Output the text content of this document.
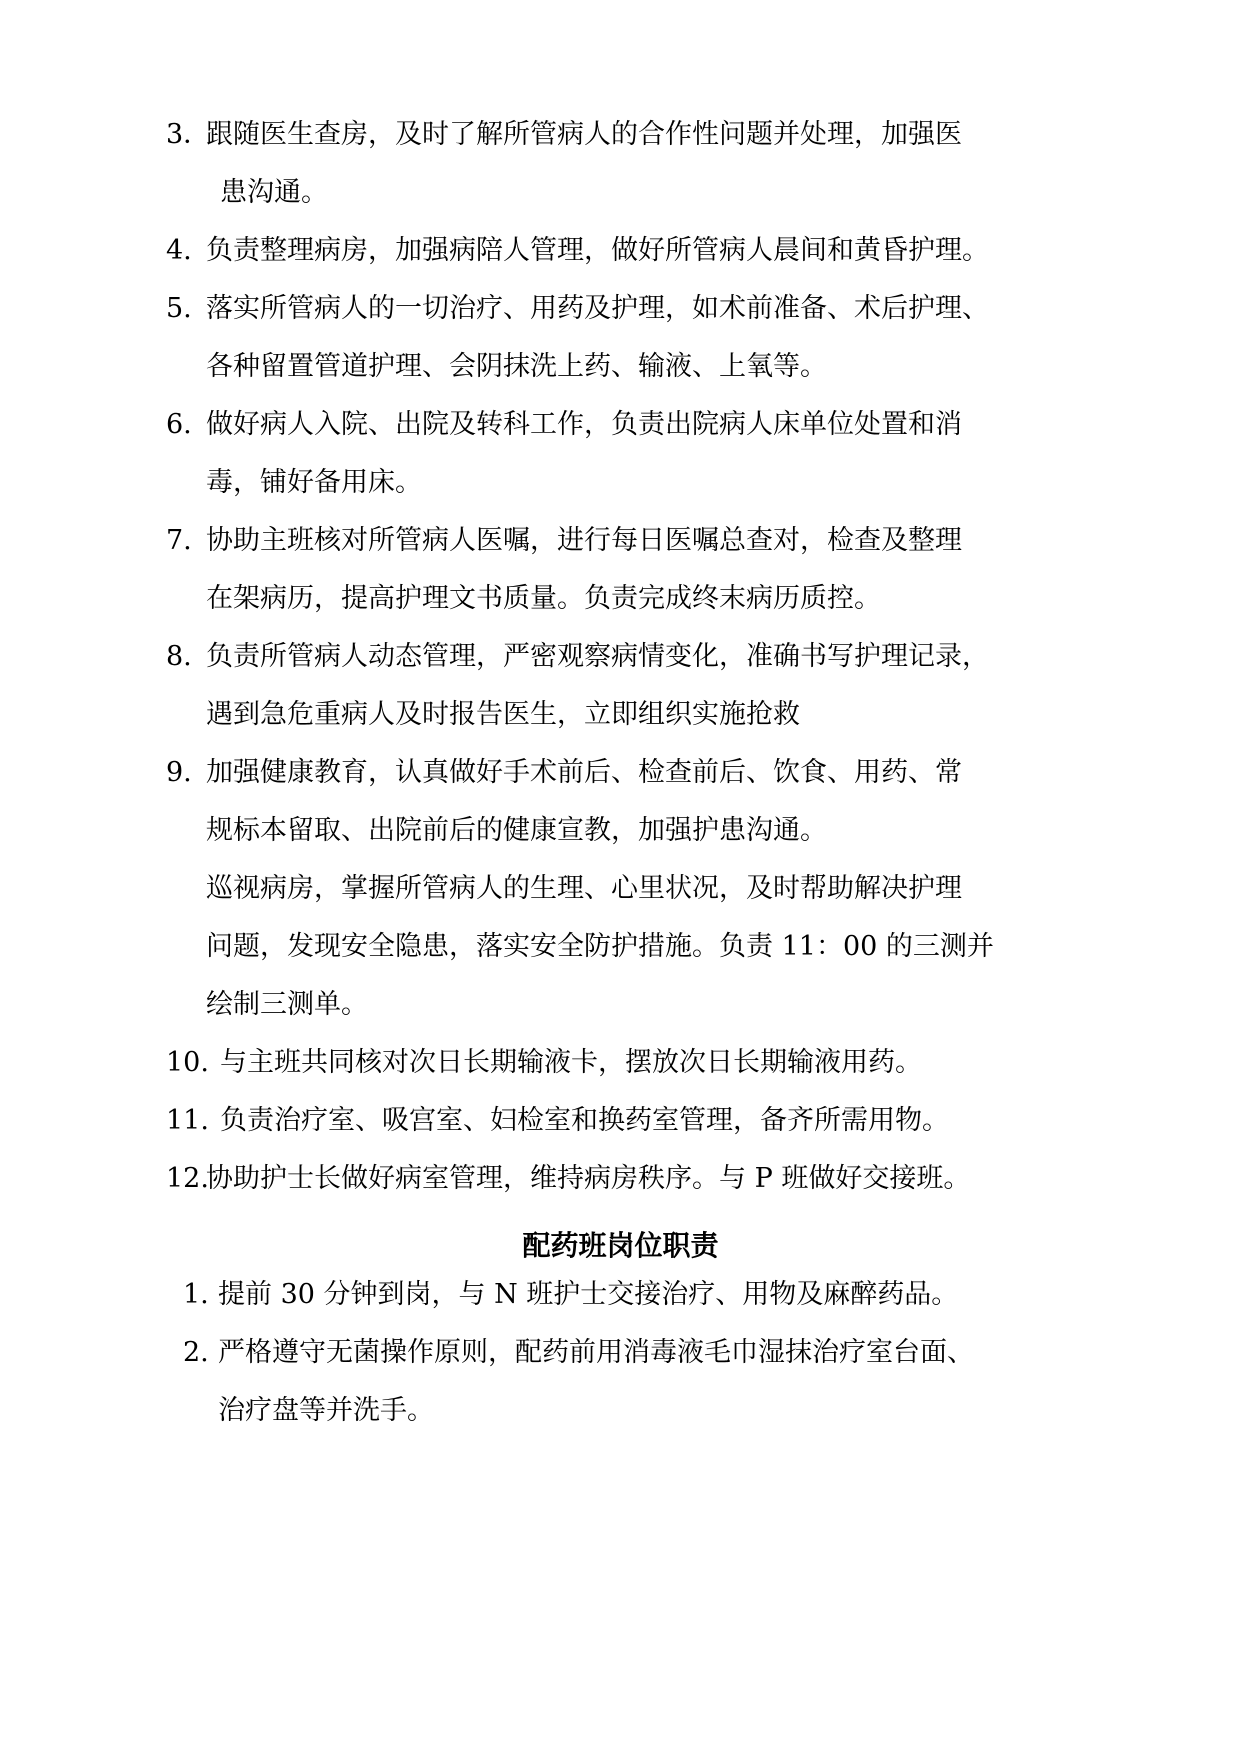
3．
跟随医生查房，及时了解所管病人的合作性问题并处理，加强医
患沟通。
4. 负责整理病房，加强病陪人管理，做好所管病人晨间和黄昏护理。
5. 落实所管病人的一切治疗、用药及护理，如术前准备、术后护理、
各种留置管道护理、会阴抹洗上药、输液、上氧等。
6. 做好病人入院、出院及转科工作，负责出院病人床单位处置和消
毒，铺好备用床。
7. 协助主班核对所管病人医嘱，进行每日医嘱总查对，检查及整理
在架病历，提高护理文书质量。负责完成终末病历质控。
8. 负责所管病人动态管理，严密观察病情变化，准确书写护理记录，
遇到急危重病人及时报告医生，立即组织实施抢救
9. 加强健康教育，认真做好手术前后、检查前后、饮食、用药、常
规标本留取、出院前后的健康宣教，加强护患沟通。
巡视病房，掌握所管病人的生理、心里状况，及时帮助解决护理
问题，发现安全隐患，落实安全防护措施。负责 11：00 的三测并
绘制三测单。
10. 与主班共同核对次日长期输液卡，摆放次日长期输液用药。
11. 负责治疗室、吸宫室、妇检室和换药室管理，备齐所需用物。
12.
协助护士长做好病室管理，维持病房秩序。与 P 班做好交接班。
配药班岗位职责
1. 提前 30 分钟到岗，与 N 班护士交接治疗、用物及麻醉药品。
2. 严格遵守无菌操作原则，配药前用消毒液毛巾湿抹治疗室台面、
治疗盘等并洗手。
